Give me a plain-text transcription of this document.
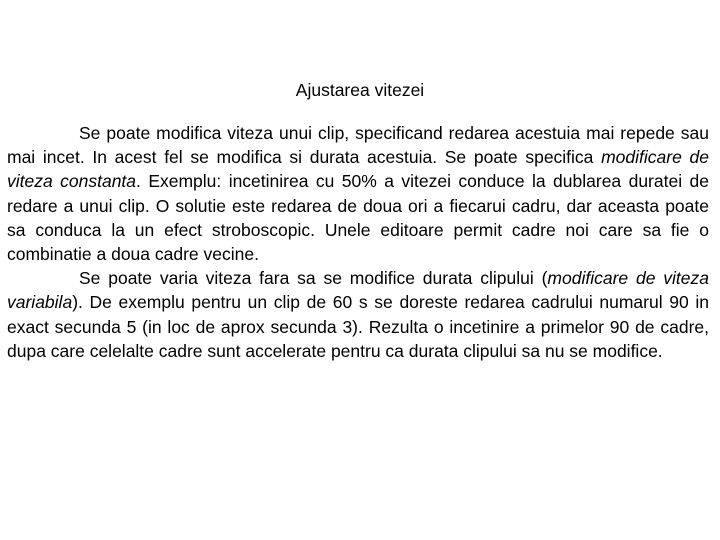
Ajustarea vitezei

Se poate modifica viteza unui clip, specificand redarea acestuia mai repede sau mai incet. In acest fel se modifica si durata acestuia. Se poate specifica modificare de viteza constanta. Exemplu: incetinirea cu 50% a vitezei conduce la dublarea duratei de redare a unui clip. O solutie este redarea de doua ori a fiecarui cadru, dar aceasta poate sa conduca la un efect stroboscopic. Unele editoare permit cadre noi care sa fie o combinatie a doua cadre vecine.

Se poate varia viteza fara sa se modifice durata clipului (modificare de viteza variabila). De exemplu pentru un clip de 60 s se doreste redarea cadrului numarul 90 in exact secunda 5 (in loc de aprox secunda 3). Rezulta o incetinire a primelor 90 de cadre, dupa care celelalte cadre sunt accelerate pentru ca durata clipului sa nu se modifice.
